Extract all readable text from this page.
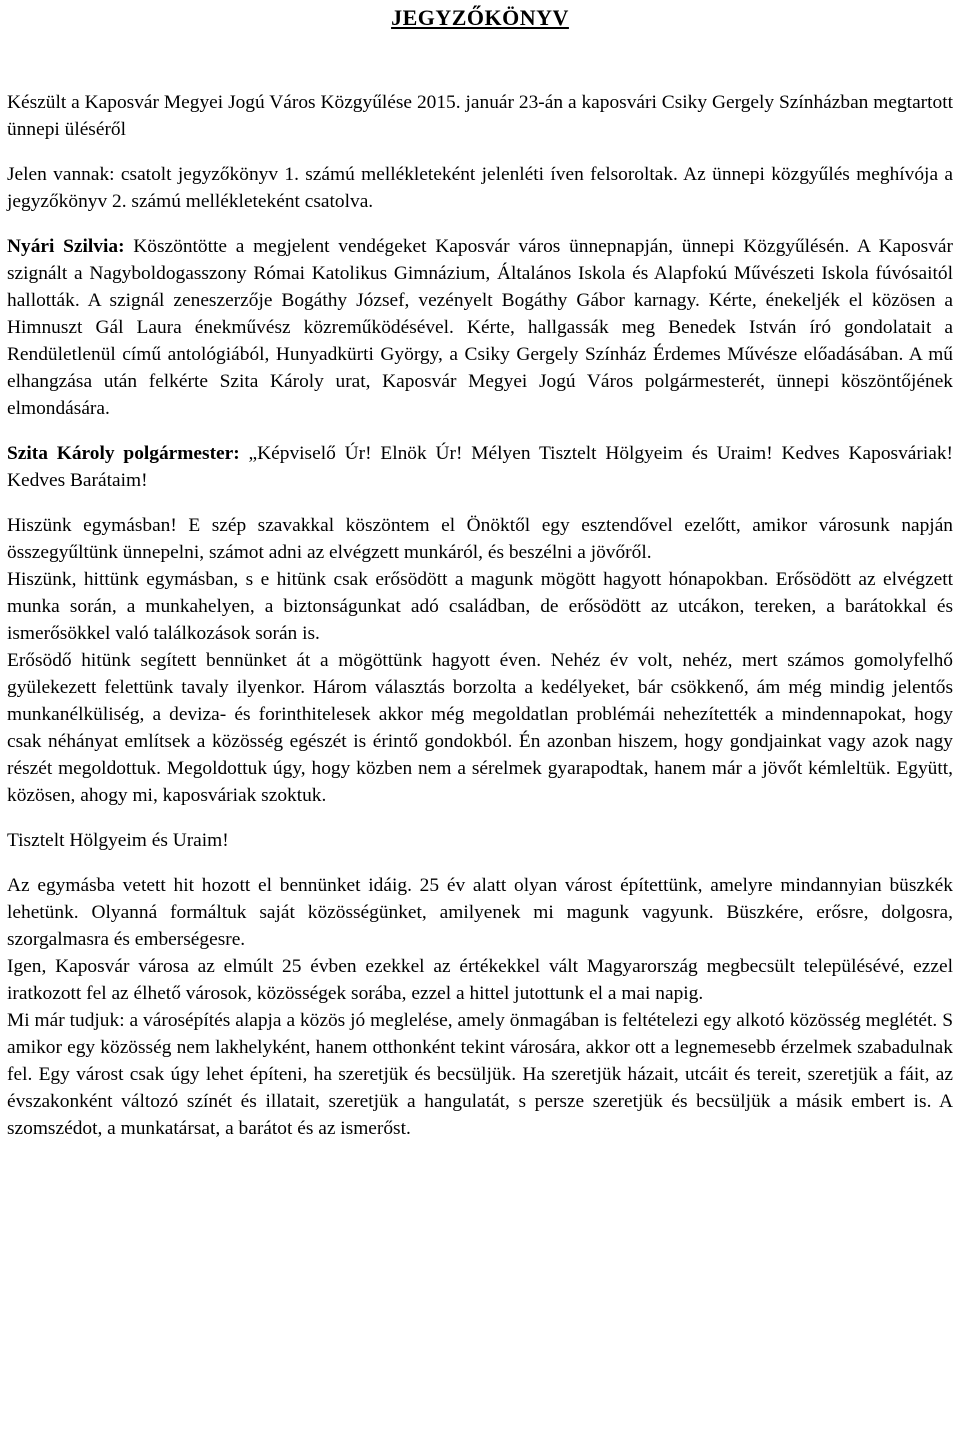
JEGYZŐKÖNYV

Készült a Kaposvár Megyei Jogú Város Közgyűlése 2015. január 23-án a kaposvári Csiky Gergely Színházban megtartott ünnepi üléséről

Jelen vannak: csatolt jegyzőkönyv 1. számú mellékleteként jelenléti íven felsoroltak. Az ünnepi közgyűlés meghívója a jegyzőkönyv 2. számú mellékleteként csatolva.

Nyári Szilvia: Köszöntötte a megjelent vendégeket Kaposvár város ünnepnapján, ünnepi Közgyűlésén. A Kaposvár szignált a Nagyboldogasszony Római Katolikus Gimnázium, Általános Iskola és Alapfokú Művészeti Iskola fúvósaitól hallották. A szignál zeneszerzője Bogáthy József, vezényelt Bogáthy Gábor karnagy. Kérte, énekeljék el közösen a Himnuszt Gál Laura énekművész közreműködésével. Kérte, hallgassák meg Benedek István író gondolatait a Rendületlenül című antológiából, Hunyadkürti György, a Csiky Gergely Színház Érdemes Művésze előadásában. A mű elhangzása után felkérte Szita Károly urat, Kaposvár Megyei Jogú Város polgármesterét, ünnepi köszöntőjének elmondására.

Szita Károly polgármester: „Képviselő Úr! Elnök Úr! Mélyen Tisztelt Hölgyeim és Uraim! Kedves Kaposváriak! Kedves Barátaim!

Hiszünk egymásban! E szép szavakkal köszöntem el Önöktől egy esztendővel ezelőtt, amikor városunk napján összegyűltünk ünnepelni, számot adni az elvégzett munkáról, és beszélni a jövőről.

Hiszünk, hittünk egymásban, s e hitünk csak erősödött a magunk mögött hagyott hónapokban. Erősödött az elvégzett munka során, a munkahelyen, a biztonságunkat adó családban, de erősödött az utcákon, tereken, a barátokkal és ismerősökkel való találkozások során is.

Erősödő hitünk segített bennünket át a mögöttünk hagyott éven. Nehéz év volt, nehéz, mert számos gomolyfelhő gyülekezett felettünk tavaly ilyenkor. Három választás borzolta a kedélyeket, bár csökkenő, ám még mindig jelentős munkanélküliség, a deviza- és forinthitelesek akkor még megoldatlan problémái nehezítették a mindennapokat, hogy csak néhányat említsek a közösség egészét is érintő gondokból. Én azonban hiszem, hogy gondjainkat vagy azok nagy részét megoldottuk. Megoldottuk úgy, hogy közben nem a sérelmek gyarapodtak, hanem már a jövőt kémleltük. Együtt, közösen, ahogy mi, kaposváriak szoktuk.

Tisztelt Hölgyeim és Uraim!

Az egymásba vetett hit hozott el bennünket idáig. 25 év alatt olyan várost építettünk, amelyre mindannyian büszkék lehetünk. Olyanná formáltuk saját közösségünket, amilyenek mi magunk vagyunk. Büszkére, erősre, dolgosra, szorgalmasra és emberségesre.

Igen, Kaposvár városa az elmúlt 25 évben ezekkel az értékekkel vált Magyarország megbecsült településévé, ezzel iratkozott fel az élhető városok, közösségek sorába, ezzel a hittel jutottunk el a mai napig.

Mi már tudjuk: a városépítés alapja a közös jó meglelése, amely önmagában is feltételezi egy alkotó közösség meglétét. S amikor egy közösség nem lakhelyként, hanem otthonként tekint városára, akkor ott a legnemesebb érzelmek szabadulnak fel. Egy várost csak úgy lehet építeni, ha szeretjük és becsüljük. Ha szeretjük házait, utcáit és tereit, szeretjük a fáit, az évszakonként változó színét és illatait, szeretjük a hangulatát, s persze szeretjük és becsüljük a másik embert is. A szomszédot, a munkatársat, a barátot és az ismerőst.
